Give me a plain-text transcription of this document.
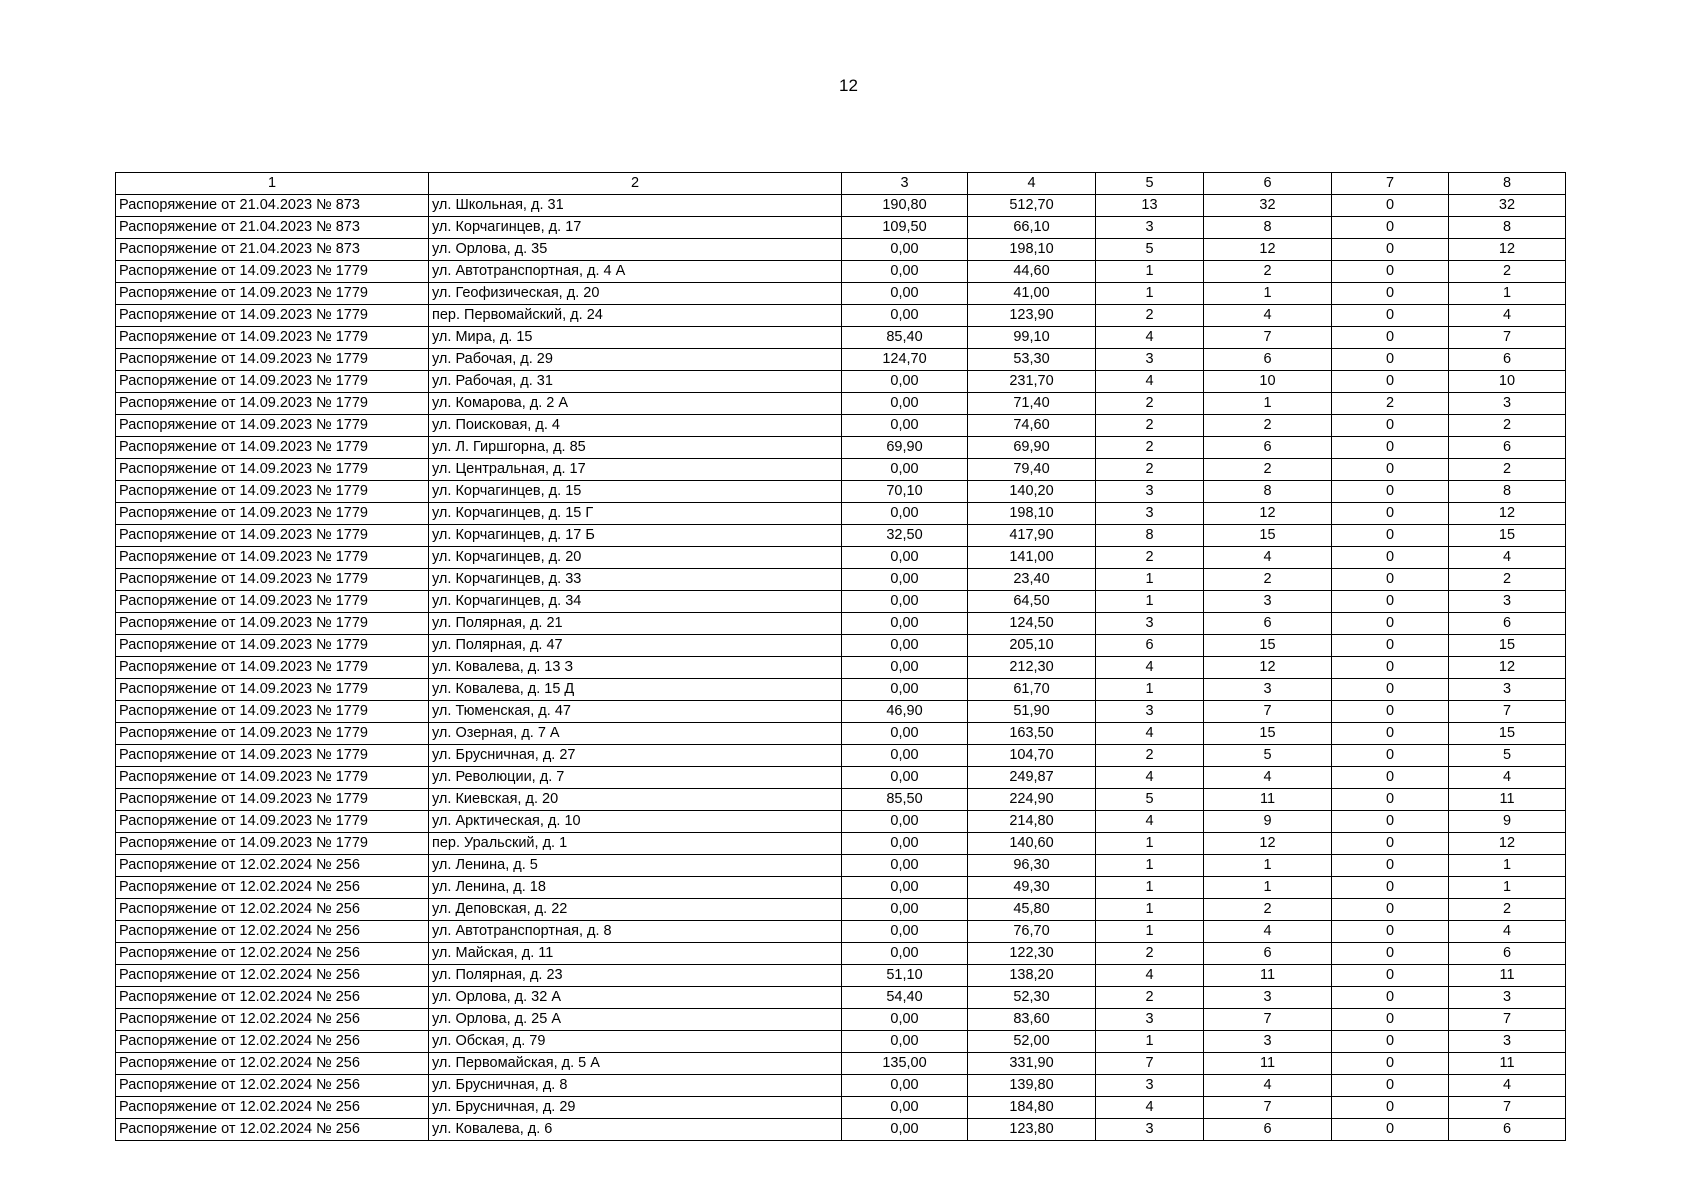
12
1	2	3	4	5	6	7	8
Распоряжение от 21.04.2023 № 873	ул. Школьная, д. 31	190,80	512,70	13	32	0	32
Распоряжение от 21.04.2023 № 873	ул. Корчагинцев, д. 17	109,50	66,10	3	8	0	8
Распоряжение от 21.04.2023 № 873	ул. Орлова, д. 35	0,00	198,10	5	12	0	12
Распоряжение от 14.09.2023 № 1779	ул. Автотранспортная, д. 4 А	0,00	44,60	1	2	0	2
Распоряжение от 14.09.2023 № 1779	ул. Геофизическая, д. 20	0,00	41,00	1	1	0	1
Распоряжение от 14.09.2023 № 1779	пер. Первомайский, д. 24	0,00	123,90	2	4	0	4
Распоряжение от 14.09.2023 № 1779	ул. Мира, д. 15	85,40	99,10	4	7	0	7
Распоряжение от 14.09.2023 № 1779	ул. Рабочая, д. 29	124,70	53,30	3	6	0	6
Распоряжение от 14.09.2023 № 1779	ул. Рабочая, д. 31	0,00	231,70	4	10	0	10
Распоряжение от 14.09.2023 № 1779	ул. Комарова, д. 2 А	0,00	71,40	2	1	2	3
Распоряжение от 14.09.2023 № 1779	ул. Поисковая, д. 4	0,00	74,60	2	2	0	2
Распоряжение от 14.09.2023 № 1779	ул. Л. Гиршгорна, д. 85	69,90	69,90	2	6	0	6
Распоряжение от 14.09.2023 № 1779	ул. Центральная, д. 17	0,00	79,40	2	2	0	2
Распоряжение от 14.09.2023 № 1779	ул. Корчагинцев, д. 15	70,10	140,20	3	8	0	8
Распоряжение от 14.09.2023 № 1779	ул. Корчагинцев, д. 15 Г	0,00	198,10	3	12	0	12
Распоряжение от 14.09.2023 № 1779	ул. Корчагинцев, д. 17 Б	32,50	417,90	8	15	0	15
Распоряжение от 14.09.2023 № 1779	ул. Корчагинцев, д. 20	0,00	141,00	2	4	0	4
Распоряжение от 14.09.2023 № 1779	ул. Корчагинцев, д. 33	0,00	23,40	1	2	0	2
Распоряжение от 14.09.2023 № 1779	ул. Корчагинцев, д. 34	0,00	64,50	1	3	0	3
Распоряжение от 14.09.2023 № 1779	ул. Полярная, д. 21	0,00	124,50	3	6	0	6
Распоряжение от 14.09.2023 № 1779	ул. Полярная, д. 47	0,00	205,10	6	15	0	15
Распоряжение от 14.09.2023 № 1779	ул. Ковалева, д. 13 З	0,00	212,30	4	12	0	12
Распоряжение от 14.09.2023 № 1779	ул. Ковалева, д. 15 Д	0,00	61,70	1	3	0	3
Распоряжение от 14.09.2023 № 1779	ул. Тюменская, д. 47	46,90	51,90	3	7	0	7
Распоряжение от 14.09.2023 № 1779	ул. Озерная, д. 7 А	0,00	163,50	4	15	0	15
Распоряжение от 14.09.2023 № 1779	ул. Брусничная, д. 27	0,00	104,70	2	5	0	5
Распоряжение от 14.09.2023 № 1779	ул. Революции, д. 7	0,00	249,87	4	4	0	4
Распоряжение от 14.09.2023 № 1779	ул. Киевская, д. 20	85,50	224,90	5	11	0	11
Распоряжение от 14.09.2023 № 1779	ул. Арктическая, д. 10	0,00	214,80	4	9	0	9
Распоряжение от 14.09.2023 № 1779	пер. Уральский, д. 1	0,00	140,60	1	12	0	12
Распоряжение от 12.02.2024 № 256	ул. Ленина, д. 5	0,00	96,30	1	1	0	1
Распоряжение от 12.02.2024 № 256	ул. Ленина, д. 18	0,00	49,30	1	1	0	1
Распоряжение от 12.02.2024 № 256	ул. Деповская, д. 22	0,00	45,80	1	2	0	2
Распоряжение от 12.02.2024 № 256	ул. Автотранспортная, д. 8	0,00	76,70	1	4	0	4
Распоряжение от 12.02.2024 № 256	ул. Майская, д. 11	0,00	122,30	2	6	0	6
Распоряжение от 12.02.2024 № 256	ул. Полярная, д. 23	51,10	138,20	4	11	0	11
Распоряжение от 12.02.2024 № 256	ул. Орлова, д. 32 А	54,40	52,30	2	3	0	3
Распоряжение от 12.02.2024 № 256	ул. Орлова, д. 25 А	0,00	83,60	3	7	0	7
Распоряжение от 12.02.2024 № 256	ул. Обская, д. 79	0,00	52,00	1	3	0	3
Распоряжение от 12.02.2024 № 256	ул. Первомайская, д. 5 А	135,00	331,90	7	11	0	11
Распоряжение от 12.02.2024 № 256	ул. Брусничная, д. 8	0,00	139,80	3	4	0	4
Распоряжение от 12.02.2024 № 256	ул. Брусничная, д. 29	0,00	184,80	4	7	0	7
Распоряжение от 12.02.2024 № 256	ул. Ковалева, д. 6	0,00	123,80	3	6	0	6
